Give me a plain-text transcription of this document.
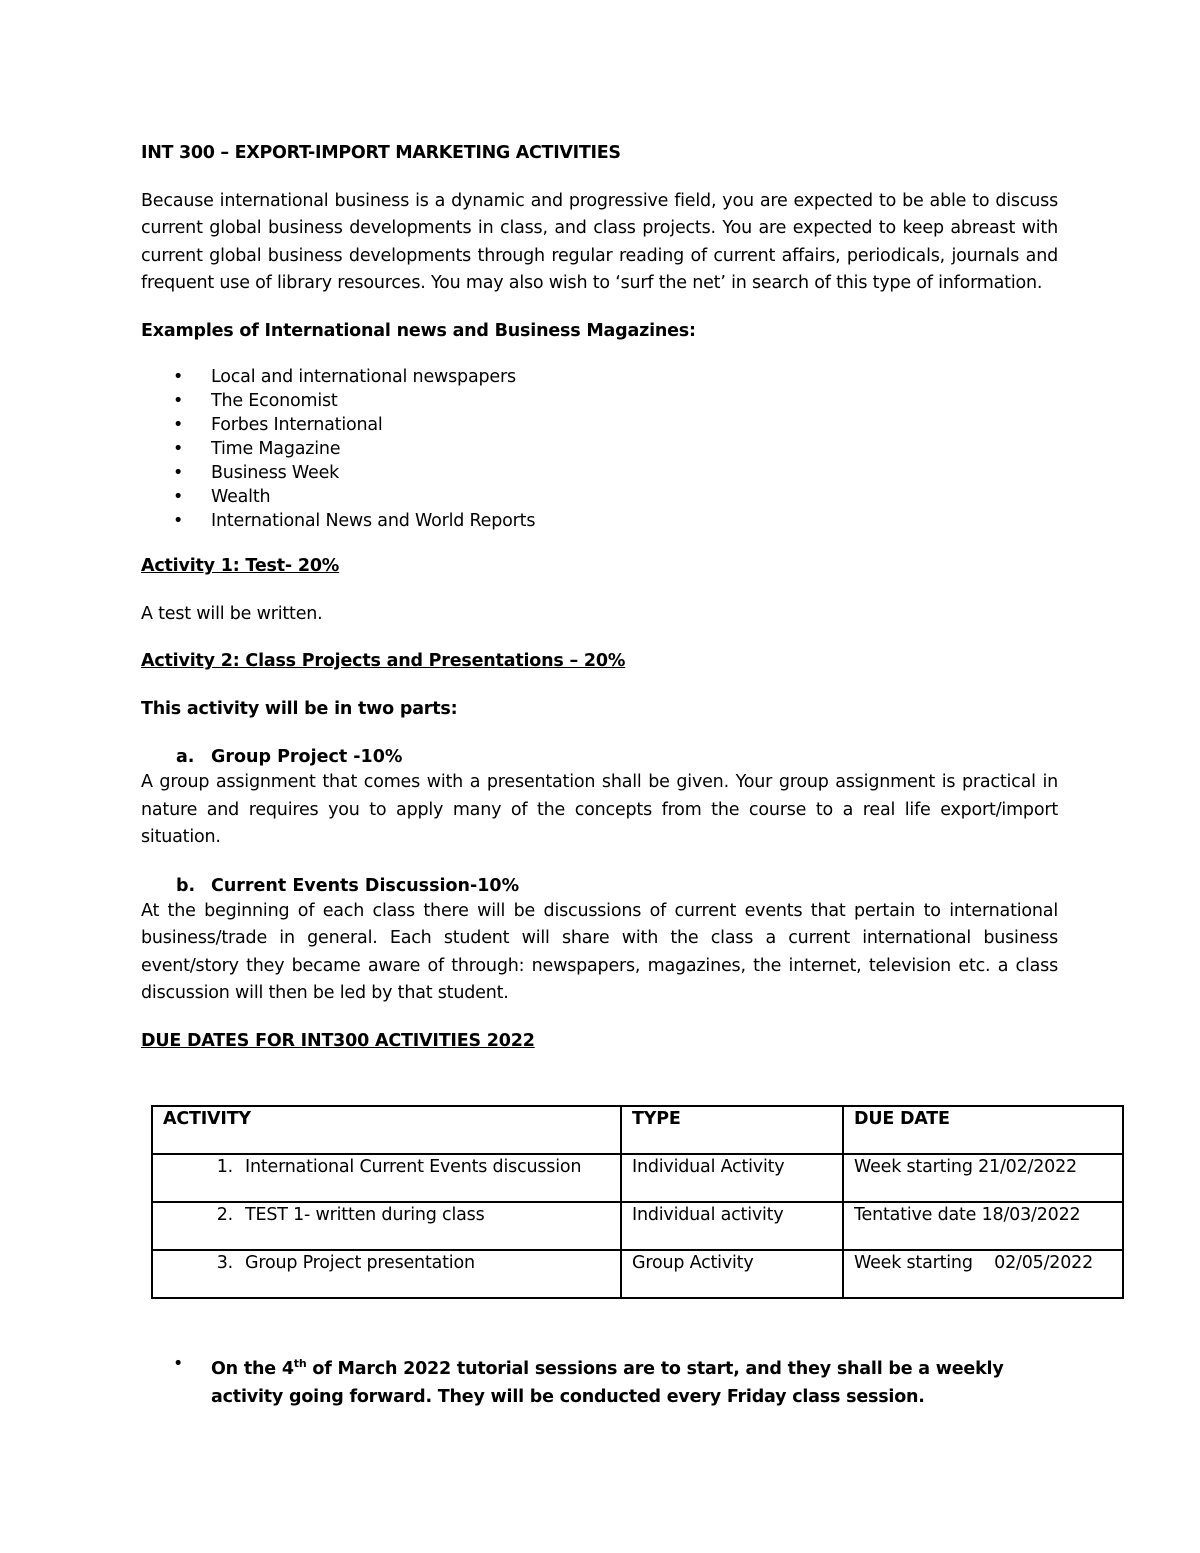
INT 300 – EXPORT-IMPORT MARKETING ACTIVITIES

Because international business is a dynamic and progressive field, you are expected to be able to discuss current global business developments in class, and class projects. You are expected to keep abreast with current global business developments through regular reading of current affairs, periodicals, journals and frequent use of library resources. You may also wish to ‘surf the net’ in search of this type of information.

Examples of International news and Business Magazines:

• Local and international newspapers
• The Economist
• Forbes International
• Time Magazine
• Business Week
• Wealth
• International News and World Reports

Activity 1: Test- 20%

A test will be written.

Activity 2: Class Projects and Presentations – 20%

This activity will be in two parts:

a. Group Project -10%

A group assignment that comes with a presentation shall be given. Your group assignment is practical in nature and requires you to apply many of the concepts from the course to a real life export/import situation.

b. Current Events Discussion-10%

At the beginning of each class there will be discussions of current events that pertain to international business/trade in general. Each student will share with the class a current international business event/story they became aware of through: newspapers, magazines, the internet, television etc. a class discussion will then be led by that student.

DUE DATES FOR INT300 ACTIVITIES 2022

ACTIVITY	TYPE	DUE DATE
1. International Current Events discussion	Individual Activity	Week starting 21/02/2022
2. TEST 1- written during class	Individual activity	Tentative date 18/03/2022
3. Group Project presentation	Group Activity	Week starting    02/05/2022
• On the 4th of March 2022 tutorial sessions are to start, and they shall be a weekly activity going forward. They will be conducted every Friday class session.
